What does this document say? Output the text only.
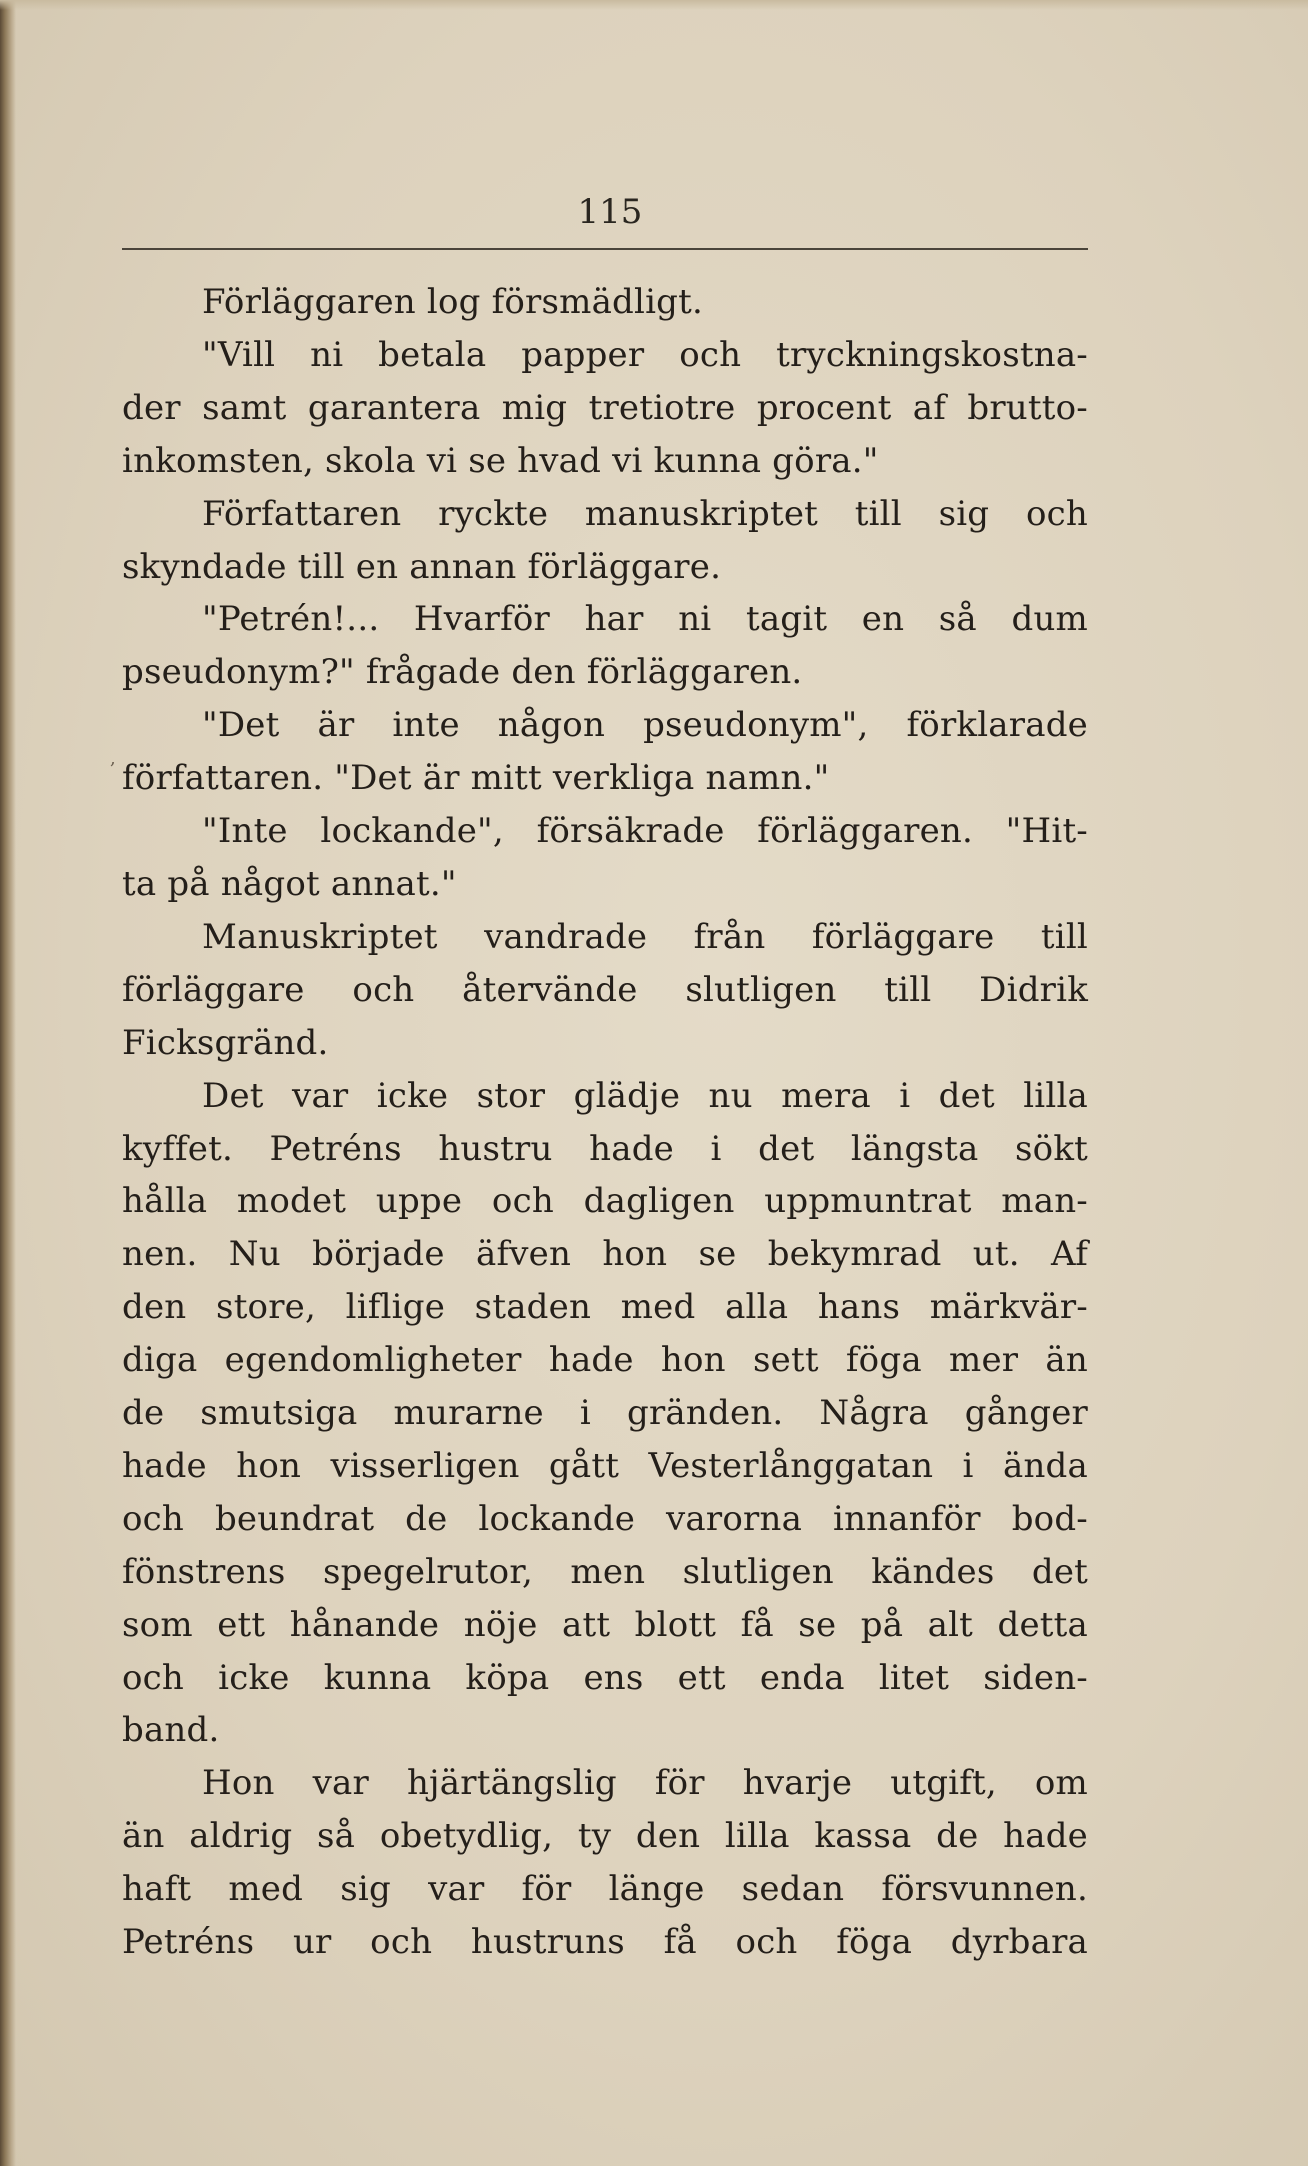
115
,
Förläggaren log försmädligt.
"Vill ni betala papper och tryckningskostna-
der samt garantera mig tretiotre procent af brutto-
inkomsten, skola vi se hvad vi kunna göra."
Författaren ryckte manuskriptet till sig och
skyndade till en annan förläggare.
"Petrén!... Hvarför har ni tagit en så dum
pseudonym?" frågade den förläggaren.
"Det är inte någon pseudonym", förklarade
författaren. "Det är mitt verkliga namn."
"Inte lockande", försäkrade förläggaren. "Hit-
ta på något annat."
Manuskriptet vandrade från förläggare till
förläggare och återvände slutligen till Didrik
Ficksgränd.
Det var icke stor glädje nu mera i det lilla
kyffet. Petréns hustru hade i det längsta sökt
hålla modet uppe och dagligen uppmuntrat man-
nen. Nu började äfven hon se bekymrad ut. Af
den store, liflige staden med alla hans märkvär-
diga egendomligheter hade hon sett föga mer än
de smutsiga murarne i gränden. Några gånger
hade hon visserligen gått Vesterlånggatan i ända
och beundrat de lockande varorna innanför bod-
fönstrens spegelrutor, men slutligen kändes det
som ett hånande nöje att blott få se på alt detta
och icke kunna köpa ens ett enda litet siden-
band.
Hon var hjärtängslig för hvarje utgift, om
än aldrig så obetydlig, ty den lilla kassa de hade
haft med sig var för länge sedan försvunnen.
Petréns ur och hustruns få och föga dyrbara
